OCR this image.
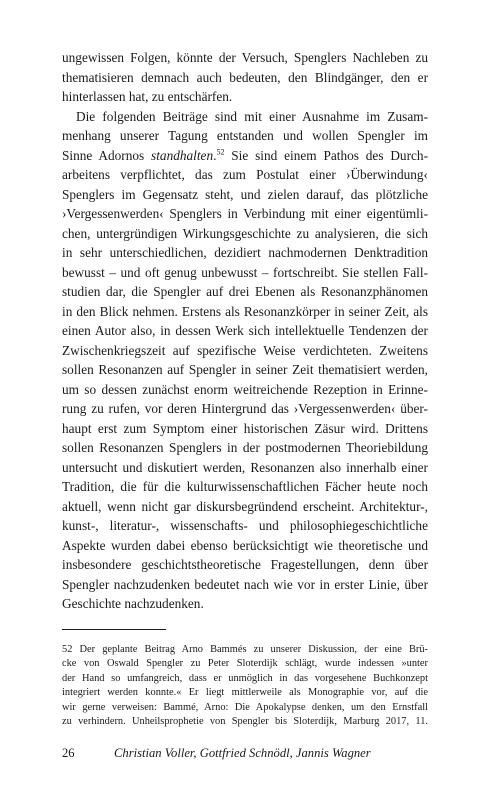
ungewissen Folgen, könnte der Versuch, Spenglers Nachleben zu
thematisieren demnach auch bedeuten, den Blindgänger, den er
hinterlassen hat, zu entschärfen.
Die folgenden Beiträge sind mit einer Ausnahme im Zusam-
menhang unserer Tagung entstanden und wollen Spengler im
Sinne Adornos standhalten.$^{52}$ Sie sind einem Pathos des Durch-
arbeitens verpflichtet, das zum Postulat einer ›Überwindung‹
Spenglers im Gegensatz steht, und zielen darauf, das plötzliche
›Vergessenwerden‹ Spenglers in Verbindung mit einer eigentümli-
chen, untergründigen Wirkungsgeschichte zu analysieren, die sich
in sehr unterschiedlichen, dezidiert nachmodernen Denktradition
bewusst – und oft genug unbewusst – fortschreibt. Sie stellen Fall-
studien dar, die Spengler auf drei Ebenen als Resonanzphänomen
in den Blick nehmen. Erstens als Resonanzkörper in seiner Zeit, als
einen Autor also, in dessen Werk sich intellektuelle Tendenzen der
Zwischenkriegszeit auf spezifische Weise verdichteten. Zweitens
sollen Resonanzen auf Spengler in seiner Zeit thematisiert werden,
um so dessen zunächst enorm weitreichende Rezeption in Erinne-
rung zu rufen, vor deren Hintergrund das ›Vergessenwerden‹ über-
haupt erst zum Symptom einer historischen Zäsur wird. Drittens
sollen Resonanzen Spenglers in der postmodernen Theoriebildung
untersucht und diskutiert werden, Resonanzen also innerhalb einer
Tradition, die für die kulturwissenschaftlichen Fächer heute noch
aktuell, wenn nicht gar diskursbegründend erscheint. Architektur-,
kunst-, literatur-, wissenschafts- und philosophiegeschichtliche
Aspekte wurden dabei ebenso berücksichtigt wie theoretische und
insbesondere geschichtstheoretische Fragestellungen, denn über
Spengler nachzudenken bedeutet nach wie vor in erster Linie, über
Geschichte nachzudenken.
52 Der geplante Beitrag Arno Bammés zu unserer Diskussion, der eine Brü-
cke von Oswald Spengler zu Peter Sloterdijk schlägt, wurde indessen »unter
der Hand so umfangreich, dass er unmöglich in das vorgesehene Buchkonzept
integriert werden konnte.« Er liegt mittlerweile als Monographie vor, auf die
wir gerne verweisen: Bammé, Arno: Die Apokalypse denken, um den Ernstfall
zu verhindern. Unheilsprophetie von Spengler bis Sloterdijk, Marburg 2017, 11.
26	Christian Voller, Gottfried Schnödl, Jannis Wagner
